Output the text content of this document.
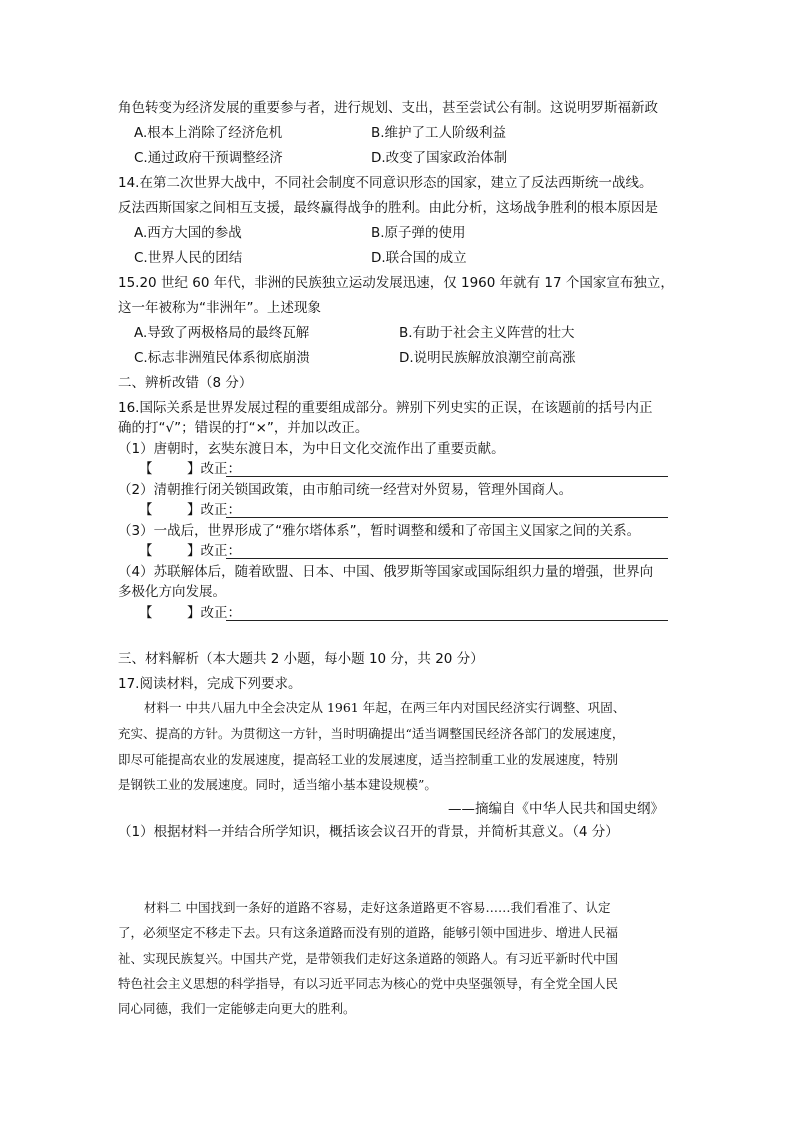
角色转变为经济发展的重要参与者，进行规划、支出，甚至尝试公有制。这说明罗斯福新政
A.根本上消除了经济危机	B.维护了工人阶级利益
C.通过政府干预调整经济	D.改变了国家政治体制
14.在第二次世界大战中，不同社会制度不同意识形态的国家，建立了反法西斯统一战线。
反法西斯国家之间相互支援，最终赢得战争的胜利。由此分析，这场战争胜利的根本原因是
A.西方大国的参战	B.原子弹的使用
C.世界人民的团结	D.联合国的成立
15.20 世纪 60 年代，非洲的民族独立运动发展迅速，仅 1960 年就有 17 个国家宣布独立，
这一年被称为“非洲年”。上述现象
A.导致了两极格局的最终瓦解	B.有助于社会主义阵营的壮大
C.标志非洲殖民体系彻底崩溃	D.说明民族解放浪潮空前高涨
二、辨析改错（8 分）
16.国际关系是世界发展过程的重要组成部分。辨别下列史实的正误，在该题前的括号内正
确的打“√”；错误的打“×”，并加以改正。
（1）唐朝时，玄奘东渡日本，为中日文化交流作出了重要贡献。
【	】改正：
（2）清朝推行闭关锁国政策，由市舶司统一经营对外贸易，管理外国商人。
【	】改正：
（3）一战后，世界形成了“雅尔塔体系”，暂时调整和缓和了帝国主义国家之间的关系。
【	】改正：
（4）苏联解体后，随着欧盟、日本、中国、俄罗斯等国家或国际组织力量的增强，世界向
多极化方向发展。
【	】改正：
三、材料解析（本大题共 2 小题，每小题 10 分，共 20 分）
17.阅读材料，完成下列要求。
材料一 中共八届九中全会决定从 1961 年起，在两三年内对国民经济实行调整、巩固、
充实、提高的方针。为贯彻这一方针，当时明确提出“适当调整国民经济各部门的发展速度，
即尽可能提高农业的发展速度，提高轻工业的发展速度，适当控制重工业的发展速度，特别
是钢铁工业的发展速度。同时，适当缩小基本建设规模”。
——摘编自《中华人民共和国史纲》
（1）根据材料一并结合所学知识，概括该会议召开的背景，并简析其意义。（4 分）
材料二 中国找到一条好的道路不容易，走好这条道路更不容易……我们看准了、认定
了，必须坚定不移走下去。只有这条道路而没有别的道路，能够引领中国进步、增进人民福
祉、实现民族复兴。中国共产党，是带领我们走好这条道路的领路人。有习近平新时代中国
特色社会主义思想的科学指导，有以习近平同志为核心的党中央坚强领导，有全党全国人民
同心同德，我们一定能够走向更大的胜利。
